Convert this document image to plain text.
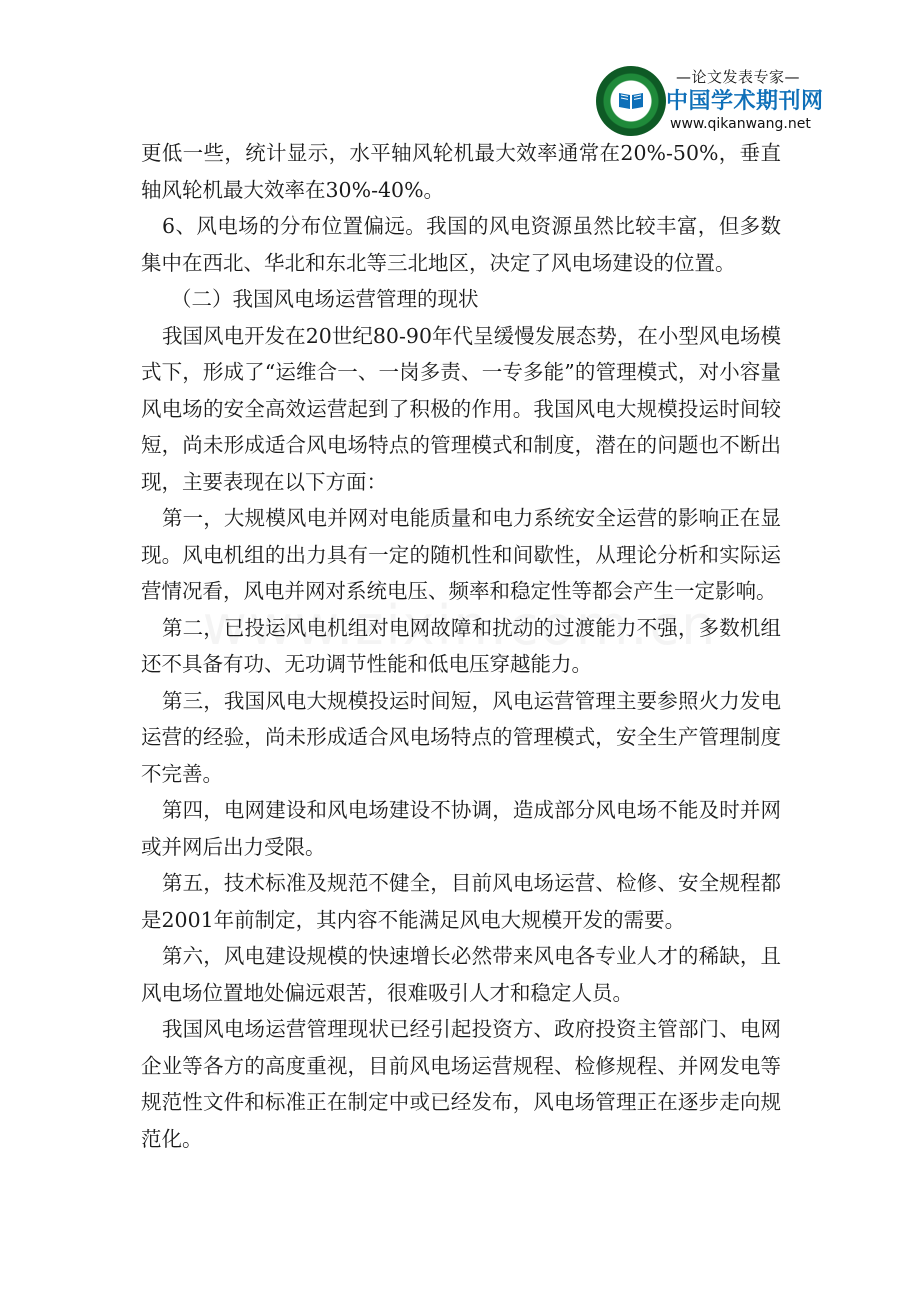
—论文发表专家—
中国学术期刊网
www.qikanwang.net

更低一些，统计显示，水平轴风轮机最大效率通常在20%-50%，垂直轴风轮机最大效率在30%-40%。

6、风电场的分布位置偏远。我国的风电资源虽然比较丰富，但多数集中在西北、华北和东北等三北地区，决定了风电场建设的位置。

（二）我国风电场运营管理的现状

我国风电开发在20世纪80-90年代呈缓慢发展态势，在小型风电场模式下，形成了“运维合一、一岗多责、一专多能”的管理模式，对小容量风电场的安全高效运营起到了积极的作用。我国风电大规模投运时间较短，尚未形成适合风电场特点的管理模式和制度，潜在的问题也不断出现，主要表现在以下方面：

第一，大规模风电并网对电能质量和电力系统安全运营的影响正在显现。风电机组的出力具有一定的随机性和间歇性，从理论分析和实际运营情况看，风电并网对系统电压、频率和稳定性等都会产生一定影响。

第二，已投运风电机组对电网故障和扰动的过渡能力不强，多数机组还不具备有功、无功调节性能和低电压穿越能力。

第三，我国风电大规模投运时间短，风电运营管理主要参照火力发电运营的经验，尚未形成适合风电场特点的管理模式，安全生产管理制度不完善。

第四，电网建设和风电场建设不协调，造成部分风电场不能及时并网或并网后出力受限。

第五，技术标准及规范不健全，目前风电场运营、检修、安全规程都是2001年前制定，其内容不能满足风电大规模开发的需要。

第六，风电建设规模的快速增长必然带来风电各专业人才的稀缺，且风电场位置地处偏远艰苦，很难吸引人才和稳定人员。

我国风电场运营管理现状已经引起投资方、政府投资主管部门、电网企业等各方的高度重视，目前风电场运营规程、检修规程、并网发电等规范性文件和标准正在制定中或已经发布，风电场管理正在逐步走向规范化。
